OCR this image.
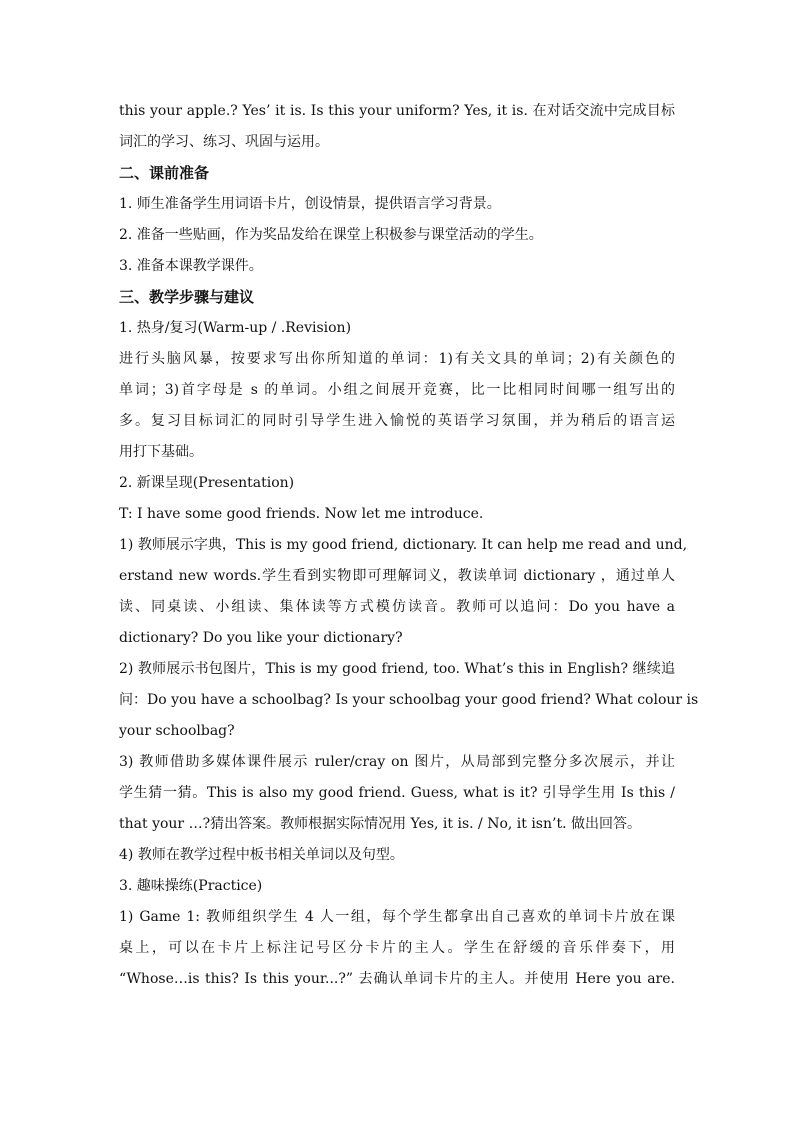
this your apple.? Yes’ it is. Is this your uniform? Yes, it is. 在对话交流中完成目标
词汇的学习、练习、巩固与运用。
二、课前准备
1. 师生准备学生用词语卡片，创设情景，提供语言学习背景。
2. 准备一些贴画，作为奖品发给在课堂上积极参与课堂活动的学生。
3. 准备本课教学课件。
三、教学步骤与建议
1. 热身/复习(Warm-up / .Revision)
进行头脑风暴，按要求写出你所知道的单词：1)有关文具的单词；2)有关颜色的
单词；3)首字母是 s 的单词。小组之间展开竞赛，比一比相同时间哪一组写出的
多。复习目标词汇的同时引导学生进入愉悦的英语学习氛围，并为稍后的语言运
用打下基础。
2. 新课呈现(Presentation)
T: I have some good friends. Now let me introduce.
1) 教师展示字典，This is my good friend, dictionary. It can help me read and und,
erstand new words.学生看到实物即可理解词义，教读单词 dictionary ，通过单人
读、同桌读、小组读、集体读等方式模仿读音。教师可以追问：Do you have a
dictionary? Do you like your dictionary?
2) 教师展示书包图片，This is my good friend, too. What’s this in English? 继续追
问：Do you have a schoolbag? Is your schoolbag your good friend? What colour is
your schoolbag?
3) 教师借助多媒体课件展示 ruler/cray on 图片，从局部到完整分多次展示，并让
学生猜一猜。This is also my good friend. Guess, what is it? 引导学生用 Is this /
that your …?猜出答案。教师根据实际情况用 Yes, it is. / No, it isn’t. 做出回答。
4) 教师在教学过程中板书相关单词以及句型。
3. 趣味操练(Practice)
1) Game 1: 教师组织学生 4 人一组，每个学生都拿出自己喜欢的单词卡片放在课
桌上，可以在卡片上标注记号区分卡片的主人。学生在舒缓的音乐伴奏下，用
“Whose…is this? Is this your...?” 去确认单词卡片的主人。并使用 Here you are.
